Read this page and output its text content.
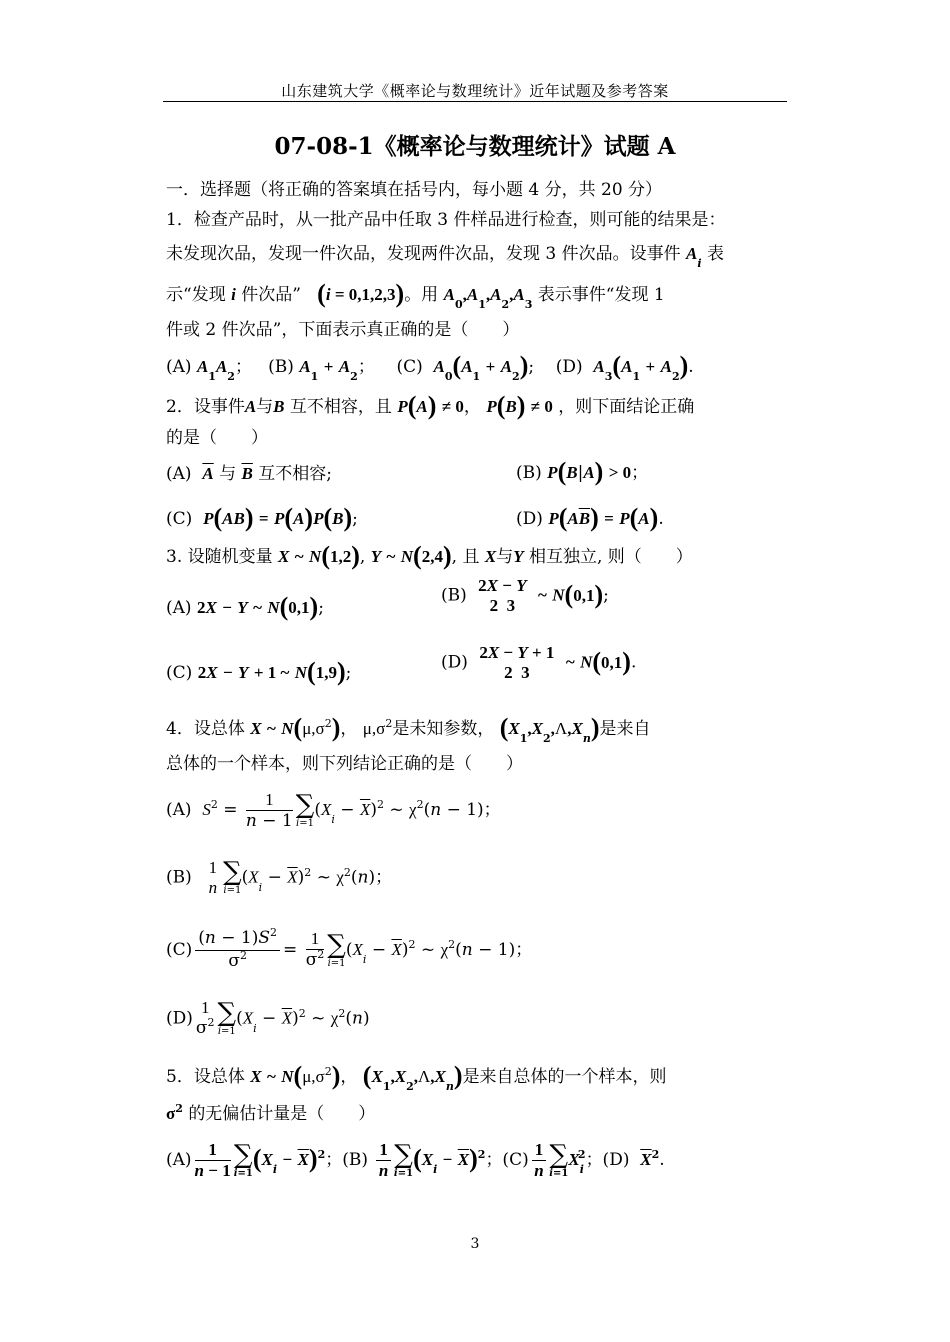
山东建筑大学《概率论与数理统计》近年试题及参考答案
07-08-1《概率论与数理统计》试题 A
一．选择题（将正确的答案填在括号内，每小题 4 分，共 20 分）
1．检查产品时，从一批产品中任取 3 件样品进行检查，则可能的结果是：
未发现次品，发现一件次品，发现两件次品，发现 3 件次品。设事件 $A_i$ 表
示“发现 i 件次品” (i = 0,1,2,3)。用 $A_0,A_1,A_2,A_3$ 表示事件“发现 1
件或 2 件次品”，下面表示真正确的是（　　）
(A) $A_1A_2$；   (B) $A_1 + A_2$；    (C)  $A_0(A_1 + A_2)$;    (D)  $A_3(A_1 + A_2)$.
2．设事件A与B 互不相容，且 P(A) ≠ 0， P(B) ≠ 0 ，则下面结论正确
的是（　　）
(A)  $\overline{A}$ 与 $\overline{B}$ 互不相容;	(B) P(B|A) > 0；
(C)  P(AB) = P(A)P(B);	(D) $P(A\overline{B}) = P(A)$.
3. 设随机变量 X ~ N(1,2), Y ~ N(2,4), 且 X与Y 相互独立, 则（　　）
(A) 2X − Y ~ N(0,1);
(B) 2X − Y
2  3
~ N(0,1);
(C) 2X − Y + 1 ~ N(1,9);
(D) 2X − Y + 1
2  3
~ N(0,1).
4．设总体 X ~ $N(\mu,\sigma^2)$， $\mu,\sigma^2$是未知参数， $(X_1,X_2,\Lambda,X_n)$是来自
总体的一个样本，则下列结论正确的是（　　）
(A)  $S^2 = \frac{1}{n - 1}$ ∑
i=1
$(X_i - \overline{X})^2$ ~ $\chi^2(n - 1)$；
(B) 1
n
∑
i=1
$(X_i - \overline{X})^2$ ~ $\chi^2(n)$；
$(C) \frac{(n - 1)S^2}{\sigma^2} = \frac{1}{\sigma^2}$ ∑
i=1
$(X_i - \overline{X})^2$ ~ $\chi^2(n - 1)$；
(D)
1
$\sigma^2$ ∑
i=1
$(X_i - \overline{X})^2$ ~ $\chi^2(n)$
5．设总体 X ~ $N(\mu,\sigma^2)$， $(X_1,X_2,\Lambda,X_n)$是来自总体的一个样本，则
$\sigma^2$ 的无偏估计量是（　　）
$(A) \frac{1}{n - 1}$ ∑
i=1 $(X_i - \overline{X})^2$；$(B) \frac{1}{n}$ ∑
i=1 $(X_i - \overline{X})^2$；$(C) \frac{1}{n}$ ∑
i=1
$X_i^2$；(D)  $\overline{X}^2$.
3
